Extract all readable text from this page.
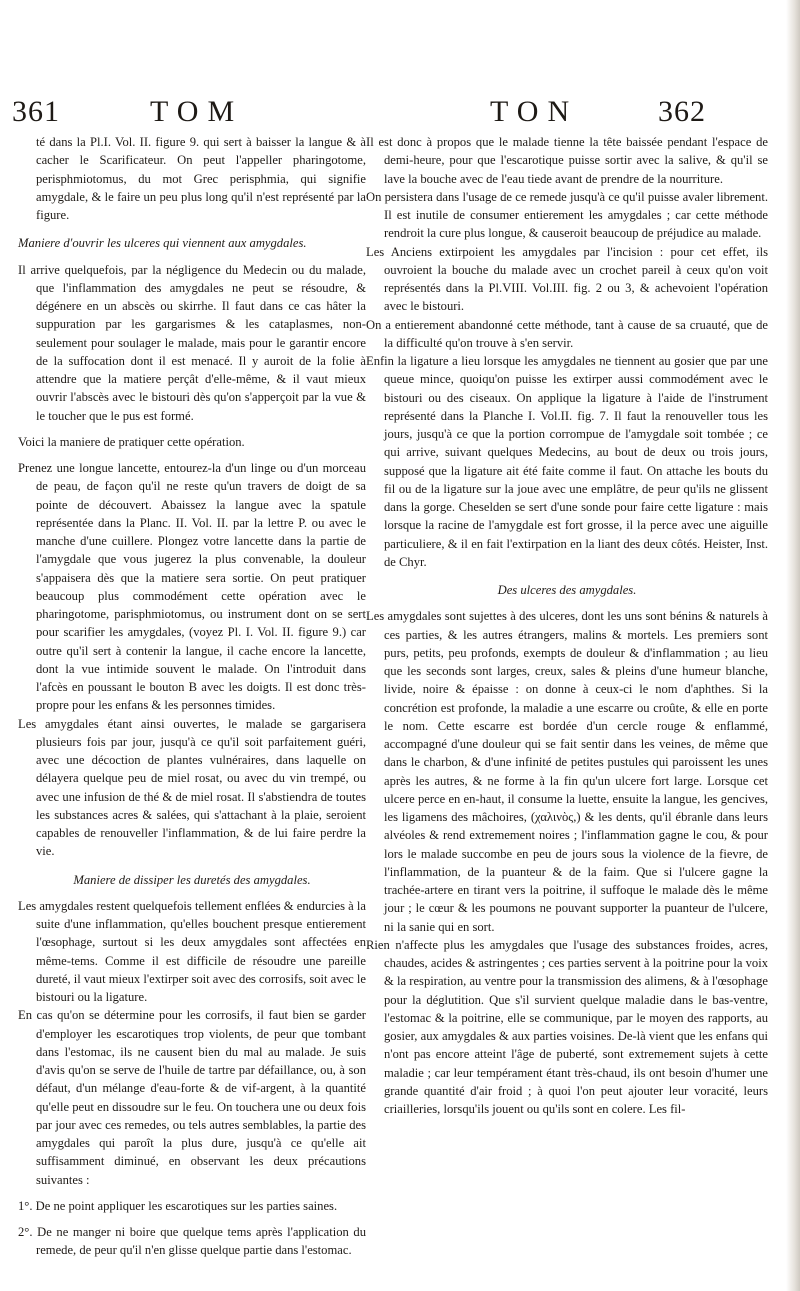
361	TOM	TON	362

té dans la Pl.I. Vol. II. figure 9. qui sert à baisser la langue & à cacher le Scarificateur. On peut l'appeller pharingotome, perisphmiotomus, du mot Grec perisphmia, qui signifie amygdale, & le faire un peu plus long qu'il n'est représenté par la figure.

Maniere d'ouvrir les ulceres qui viennent aux amygdales.

Il arrive quelquefois, par la négligence du Medecin ou du malade, que l'inflammation des amygdales ne peut se résoudre, & dégénere en un abscès ou skirrhe. Il faut dans ce cas hâter la suppuration par les gargarismes & les cataplasmes, non-seulement pour soulager le malade, mais pour le garantir encore de la suffocation dont il est menacé. Il y auroit de la folie à attendre que la matiere perçât d'elle-même, & il vaut mieux ouvrir l'abscès avec le bistouri dès qu'on s'apperçoit par la vue & le toucher que le pus est formé.

Voici la maniere de pratiquer cette opération.

Prenez une longue lancette, entourez-la d'un linge ou d'un morceau de peau, de façon qu'il ne reste qu'un travers de doigt de sa pointe de découvert. Abaissez la langue avec la spatule représentée dans la Planc. II. Vol. II. par la lettre P. ou avec le manche d'une cuillere. Plongez votre lancette dans la partie de l'amygdale que vous jugerez la plus convenable, la douleur s'appaisera dès que la matiere sera sortie. On peut pratiquer beaucoup plus commodément cette opération avec le pharingotome, parisphmiotomus, ou instrument dont on se sert pour scarifier les amygdales, (voyez Pl. I. Vol. II. figure 9.) car outre qu'il sert à contenir la langue, il cache encore la lancette, dont la vue intimide souvent le malade. On l'introduit dans l'afcès en poussant le bouton B avec les doigts. Il est donc très-propre pour les enfans & les personnes timides.

Les amygdales étant ainsi ouvertes, le malade se gargarisera plusieurs fois par jour, jusqu'à ce qu'il soit parfaitement guéri, avec une décoction de plantes vulnéraires, dans laquelle on délayera quelque peu de miel rosat, ou avec du vin trempé, ou avec une infusion de thé & de miel rosat. Il s'abstiendra de toutes les substances acres & salées, qui s'attachant à la plaie, seroient capables de renouveller l'inflammation, & de lui faire perdre la vie.

Maniere de dissiper les duretés des amygdales.

Les amygdales restent quelquefois tellement enflées & endurcies à la suite d'une inflammation, qu'elles bouchent presque entierement l'œsophage, surtout si les deux amygdales sont affectées en même-tems. Comme il est difficile de résoudre une pareille dureté, il vaut mieux l'extirper soit avec des corrosifs, soit avec le bistouri ou la ligature.

En cas qu'on se détermine pour les corrosifs, il faut bien se garder d'employer les escarotiques trop violents, de peur que tombant dans l'estomac, ils ne causent bien du mal au malade. Je suis d'avis qu'on se serve de l'huile de tartre par défaillance, ou, à son défaut, d'un mélange d'eau-forte & de vif-argent, à la quantité qu'elle peut en dissoudre sur le feu. On touchera une ou deux fois par jour avec ces remedes, ou tels autres semblables, la partie des amygdales qui paroît la plus dure, jusqu'à ce qu'elle ait suffisamment diminué, en observant les deux précautions suivantes :

1°. De ne point appliquer les escarotiques sur les parties saines.

2°. De ne manger ni boire que quelque tems après l'application du remede, de peur qu'il n'en glisse quelque partie dans l'estomac.

Il est donc à propos que le malade tienne la tête baissée pendant l'espace de demi-heure, pour que l'escarotique puisse sortir avec la salive, & qu'il se lave la bouche avec de l'eau tiede avant de prendre de la nourriture.

On persistera dans l'usage de ce remede jusqu'à ce qu'il puisse avaler librement. Il est inutile de consumer entierement les amygdales ; car cette méthode rendroit la cure plus longue, & causeroit beaucoup de préjudice au malade.

Les Anciens extirpoient les amygdales par l'incision : pour cet effet, ils ouvroient la bouche du malade avec un crochet pareil à ceux qu'on voit représentés dans la Pl.VIII. Vol.III. fig. 2 ou 3, & achevoient l'opération avec le bistouri.

On a entierement abandonné cette méthode, tant à cause de sa cruauté, que de la difficulté qu'on trouve à s'en servir.

Enfin la ligature a lieu lorsque les amygdales ne tiennent au gosier que par une queue mince, quoiqu'on puisse les extirper aussi commodément avec le bistouri ou des ciseaux. On applique la ligature à l'aide de l'instrument représenté dans la Planche I. Vol.II. fig. 7. Il faut la renouveller tous les jours, jusqu'à ce que la portion corrompue de l'amygdale soit tombée ; ce qui arrive, suivant quelques Medecins, au bout de deux ou trois jours, supposé que la ligature ait été faite comme il faut. On attache les bouts du fil ou de la ligature sur la joue avec une emplâtre, de peur qu'ils ne glissent dans la gorge. Cheselden se sert d'une sonde pour faire cette ligature : mais lorsque la racine de l'amygdale est fort grosse, il la perce avec une aiguille particuliere, & il en fait l'extirpation en la liant des deux côtés. Heister, Inst. de Chyr.

Des ulceres des amygdales.

Les amygdales sont sujettes à des ulceres, dont les uns sont bénins & naturels à ces parties, & les autres étrangers, malins & mortels. Les premiers sont purs, petits, peu profonds, exempts de douleur & d'inflammation ; au lieu que les seconds sont larges, creux, sales & pleins d'une humeur blanche, livide, noire & épaisse : on donne à ceux-ci le nom d'aphthes. Si la concrétion est profonde, la maladie a une escarre ou croûte, & elle en porte le nom. Cette escarre est bordée d'un cercle rouge & enflammé, accompagné d'une douleur qui se fait sentir dans les veines, de même que dans le charbon, & d'une infinité de petites pustules qui paroissent les unes après les autres, & ne forme à la fin qu'un ulcere fort large. Lorsque cet ulcere perce en en-haut, il consume la luette, ensuite la langue, les gencives, les ligamens des mâchoires, (χαλινὸς,) & les dents, qu'il ébranle dans leurs alvéoles & rend extremement noires ; l'inflammation gagne le cou, & pour lors le malade succombe en peu de jours sous la violence de la fievre, de l'inflammation, de la puanteur & de la faim. Que si l'ulcere gagne la trachée-artere en tirant vers la poitrine, il suffoque le malade dès le même jour ; le cœur & les poumons ne pouvant supporter la puanteur de l'ulcere, ni la sanie qui en sort.

Rien n'affecte plus les amygdales que l'usage des substances froides, acres, chaudes, acides & astringentes ; ces parties servent à la poitrine pour la voix & la respiration, au ventre pour la transmission des alimens, & à l'œsophage pour la déglutition. Que s'il survient quelque maladie dans le bas-ventre, l'estomac & la poitrine, elle se communique, par le moyen des rapports, au gosier, aux amygdales & aux parties voisines. De-là vient que les enfans qui n'ont pas encore atteint l'âge de puberté, sont extremement sujets à cette maladie ; car leur tempérament étant très-chaud, ils ont besoin d'humer une grande quantité d'air froid ; à quoi l'on peut ajouter leur voracité, leurs criailleries, lorsqu'ils jouent ou qu'ils sont en colere. Les fil-
